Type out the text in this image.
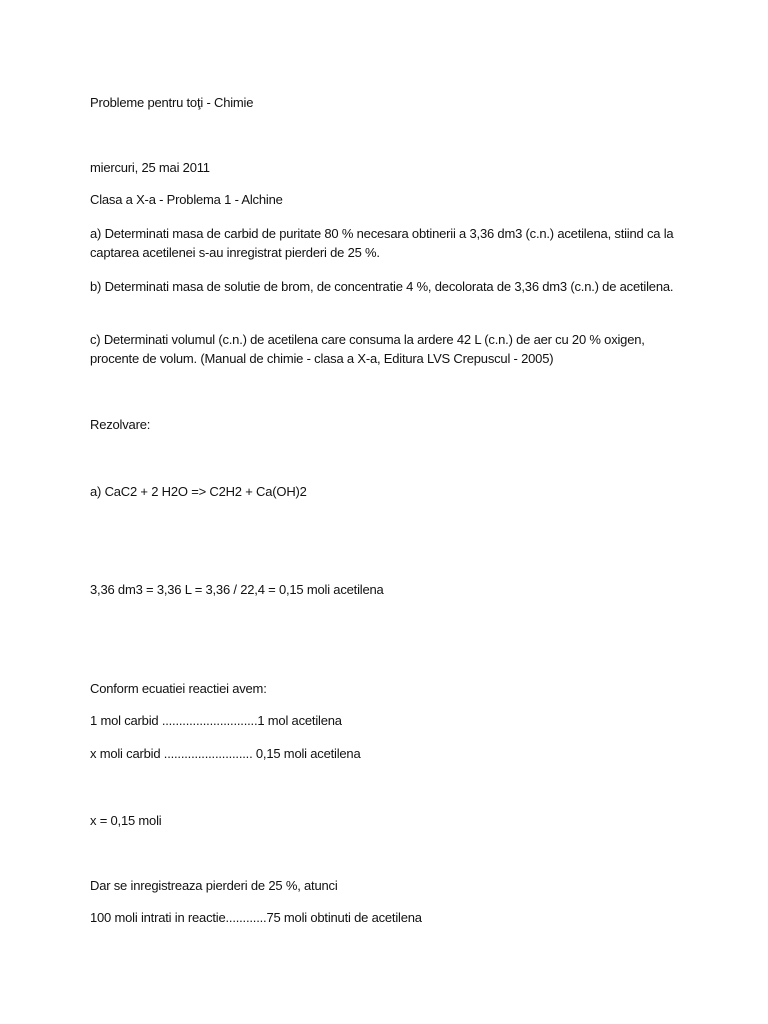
Probleme pentru toţi - Chimie
miercuri, 25 mai 2011
Clasa a X-a - Problema 1 - Alchine
a) Determinati masa de carbid de puritate 80 % necesara obtinerii a 3,36 dm3 (c.n.) acetilena, stiind ca la captarea acetilenei s-au inregistrat pierderi de 25 %.
b) Determinati masa de solutie de brom, de concentratie 4 %, decolorata de 3,36 dm3 (c.n.) de acetilena.
c) Determinati volumul (c.n.) de acetilena care consuma la ardere 42 L (c.n.) de aer cu 20 % oxigen, procente de volum. (Manual de chimie - clasa a X-a, Editura LVS Crepuscul - 2005)
Rezolvare:
a) CaC2 + 2 H2O => C2H2 + Ca(OH)2
3,36 dm3 = 3,36 L = 3,36 / 22,4 = 0,15 moli acetilena
Conform ecuatiei reactiei avem:
1 mol carbid ............................1 mol acetilena
x moli carbid .......................... 0,15 moli acetilena
x = 0,15 moli
Dar se inregistreaza pierderi de 25 %, atunci
100 moli intrati in reactie............75 moli obtinuti de acetilena
